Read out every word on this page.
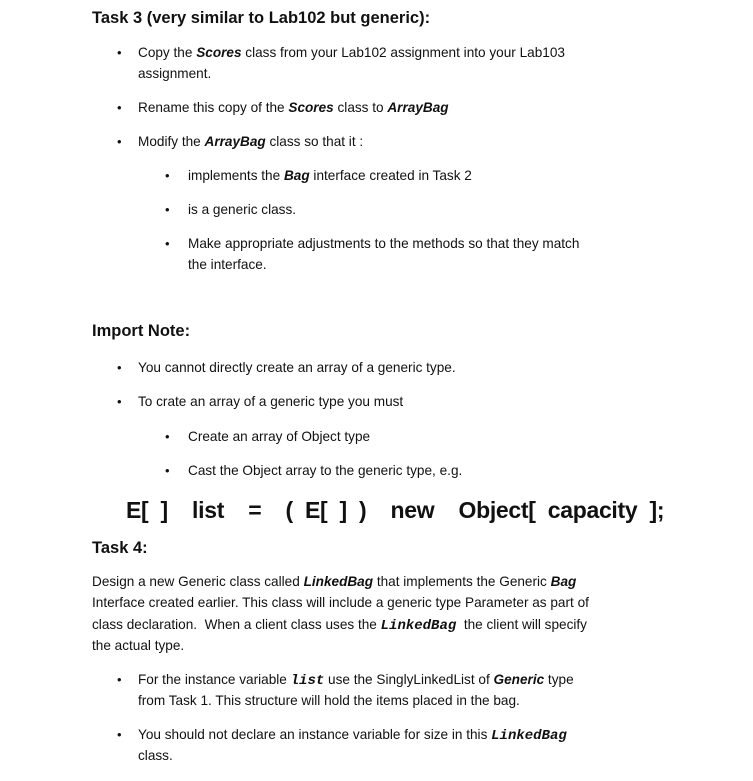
Task 3 (very similar to Lab102 but generic):
• Copy the Scores class from your Lab102 assignment into your Lab103
assignment.
• Rename this copy of the Scores class to ArrayBag
• Modify the ArrayBag class so that it :
• implements the Bag interface created in Task 2
• is a generic class.
• Make appropriate adjustments to the methods so that they match
the interface.
Import Note:
• You cannot directly create an array of a generic type.
• To crate an array of a generic type you must
• Create an array of Object type
• Cast the Object array to the generic type, e.g.
E[ ]  list  =  ( E[ ] )  new  Object[ capacity ];
Task 4:
Design a new Generic class called LinkedBag that implements the Generic Bag
Interface created earlier. This class will include a generic type Parameter as part of
class declaration.  When a client class uses the LinkedBag  the client will specify
the actual type.
• For the instance variable list use the SinglyLinkedList of Generic type
from Task 1. This structure will hold the items placed in the bag.
• You should not declare an instance variable for size in this LinkedBag
class.
